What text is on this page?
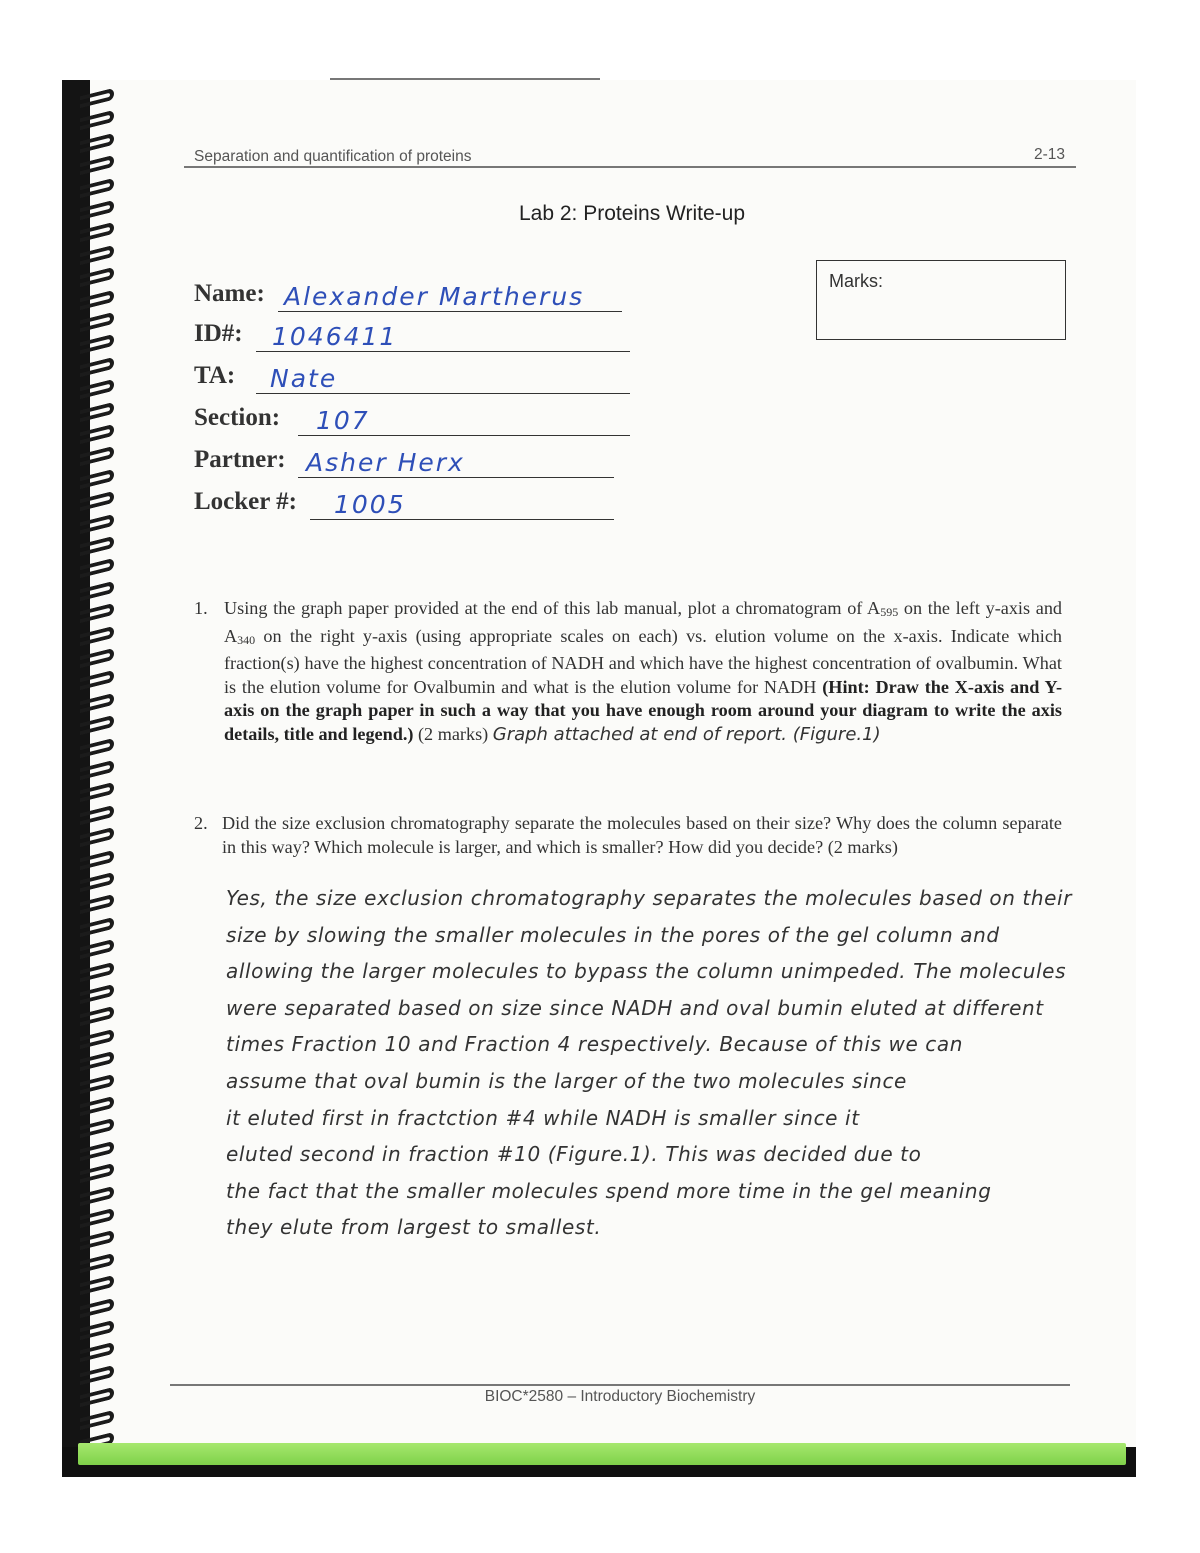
Separation and quantification of proteins	2-13
Lab 2: Proteins Write-up
Marks:
Name: Alexander Martherus
ID#: 1046411
TA: Nate
Section: 107
Partner: Asher Herx
Locker #: 1005
1. Using the graph paper provided at the end of this lab manual, plot a chromatogram of $A_{595}$ on the left y-axis and $A_{340}$ on the right y-axis (using appropriate scales on each) vs. elution volume on the x-axis. Indicate which fraction(s) have the highest concentration of NADH and which have the highest concentration of ovalbumin. What is the elution volume for Ovalbumin and what is the elution volume for NADH (Hint: Draw the X-axis and Y-axis on the graph paper in such a way that you have enough room around your diagram to write the axis details, title and legend.) (2 marks) Graph attached at end of report. (Figure.1)
2. Did the size exclusion chromatography separate the molecules based on their size? Why does the column separate in this way? Which molecule is larger, and which is smaller? How did you decide? (2 marks)
Yes, the size exclusion chromatography separates the molecules based on their
size by slowing the smaller molecules in the pores of the gel column and
allowing the larger molecules to bypass the column unimpeded. The molecules
were separated based on size since NADH and oval bumin eluted at different
times Fraction 10 and Fraction 4 respectively. Because of this we can
assume that oval bumin is the larger of the two molecules since
it eluted first in fractction #4 while NADH is smaller since it
eluted second in fraction #10 (Figure.1). This was decided due to
the fact that the smaller molecules spend more time in the gel meaning
they elute from largest to smallest.
BIOC*2580 – Introductory Biochemistry
